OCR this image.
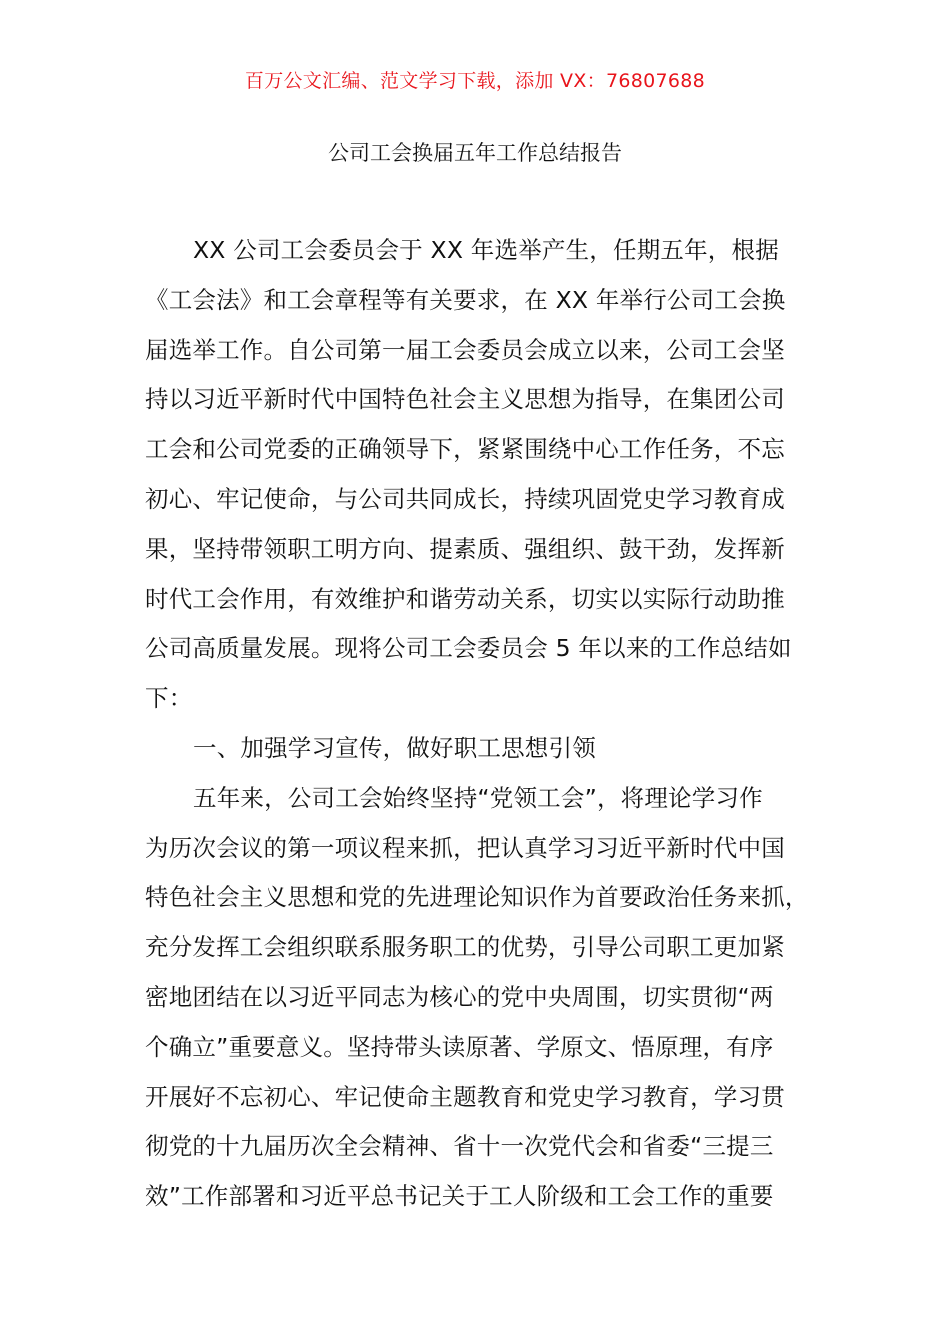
百万公文汇编、范文学习下载，添加 VX：76807688
公司工会换届五年工作总结报告
XX 公司工会委员会于 XX 年选举产生，任期五年，根据
《工会法》和工会章程等有关要求，在 XX 年举行公司工会换
届选举工作。自公司第一届工会委员会成立以来，公司工会坚
持以习近平新时代中国特色社会主义思想为指导，在集团公司
工会和公司党委的正确领导下，紧紧围绕中心工作任务，不忘
初心、牢记使命，与公司共同成长，持续巩固党史学习教育成
果，坚持带领职工明方向、提素质、强组织、鼓干劲，发挥新
时代工会作用，有效维护和谐劳动关系，切实以实际行动助推
公司高质量发展。现将公司工会委员会 5 年以来的工作总结如
下：
一、加强学习宣传，做好职工思想引领
五年来，公司工会始终坚持“党领工会”，将理论学习作
为历次会议的第一项议程来抓，把认真学习习近平新时代中国
特色社会主义思想和党的先进理论知识作为首要政治任务来抓，
充分发挥工会组织联系服务职工的优势，引导公司职工更加紧
密地团结在以习近平同志为核心的党中央周围，切实贯彻“两
个确立”重要意义。坚持带头读原著、学原文、悟原理，有序
开展好不忘初心、牢记使命主题教育和党史学习教育，学习贯
彻党的十九届历次全会精神、省十一次党代会和省委“三提三
效”工作部署和习近平总书记关于工人阶级和工会工作的重要
